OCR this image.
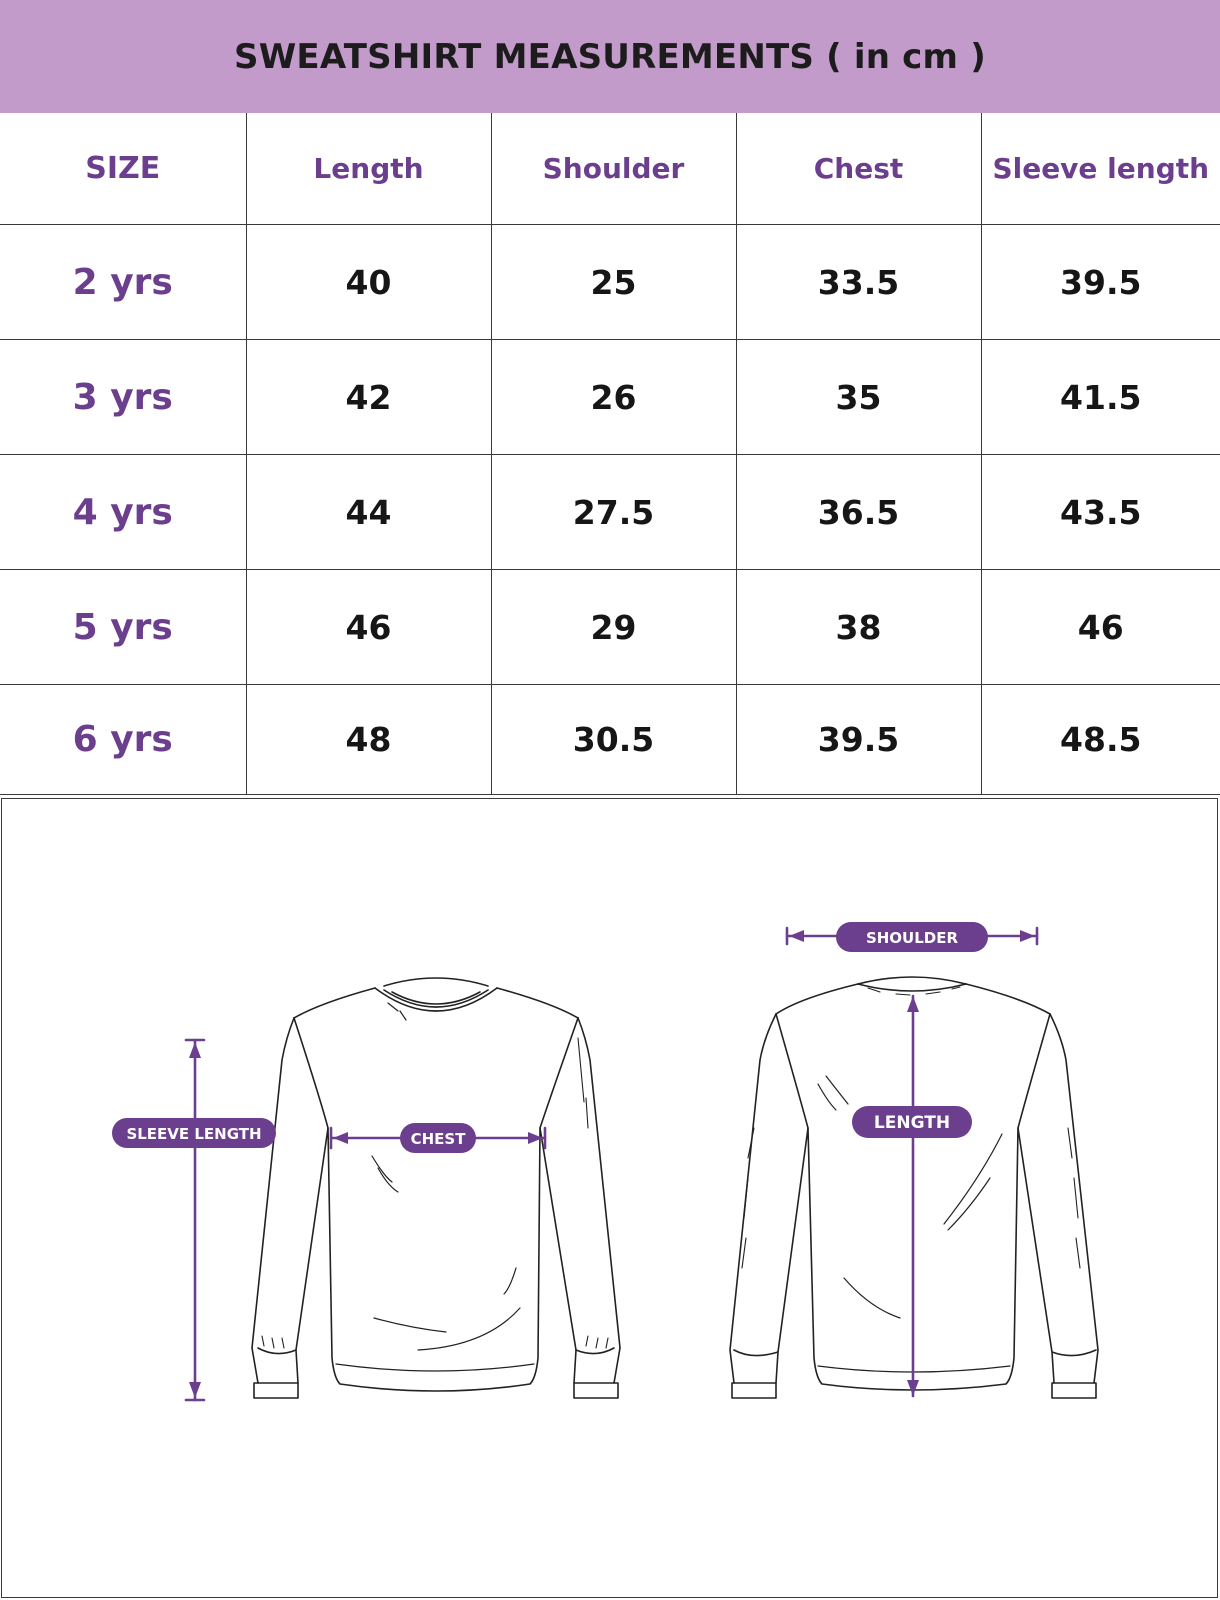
SWEATSHIRT MEASUREMENTS ( in cm )
SIZE	Length	Shoulder	Chest	Sleeve length
2 yrs	40	25	33.5	39.5
3 yrs	42	26	35	41.5
4 yrs	44	27.5	36.5	43.5
5 yrs	46	29	38	46
6 yrs	48	30.5	39.5	48.5
SLEEVE LENGTH	CHEST
SHOULDER
LENGTH
